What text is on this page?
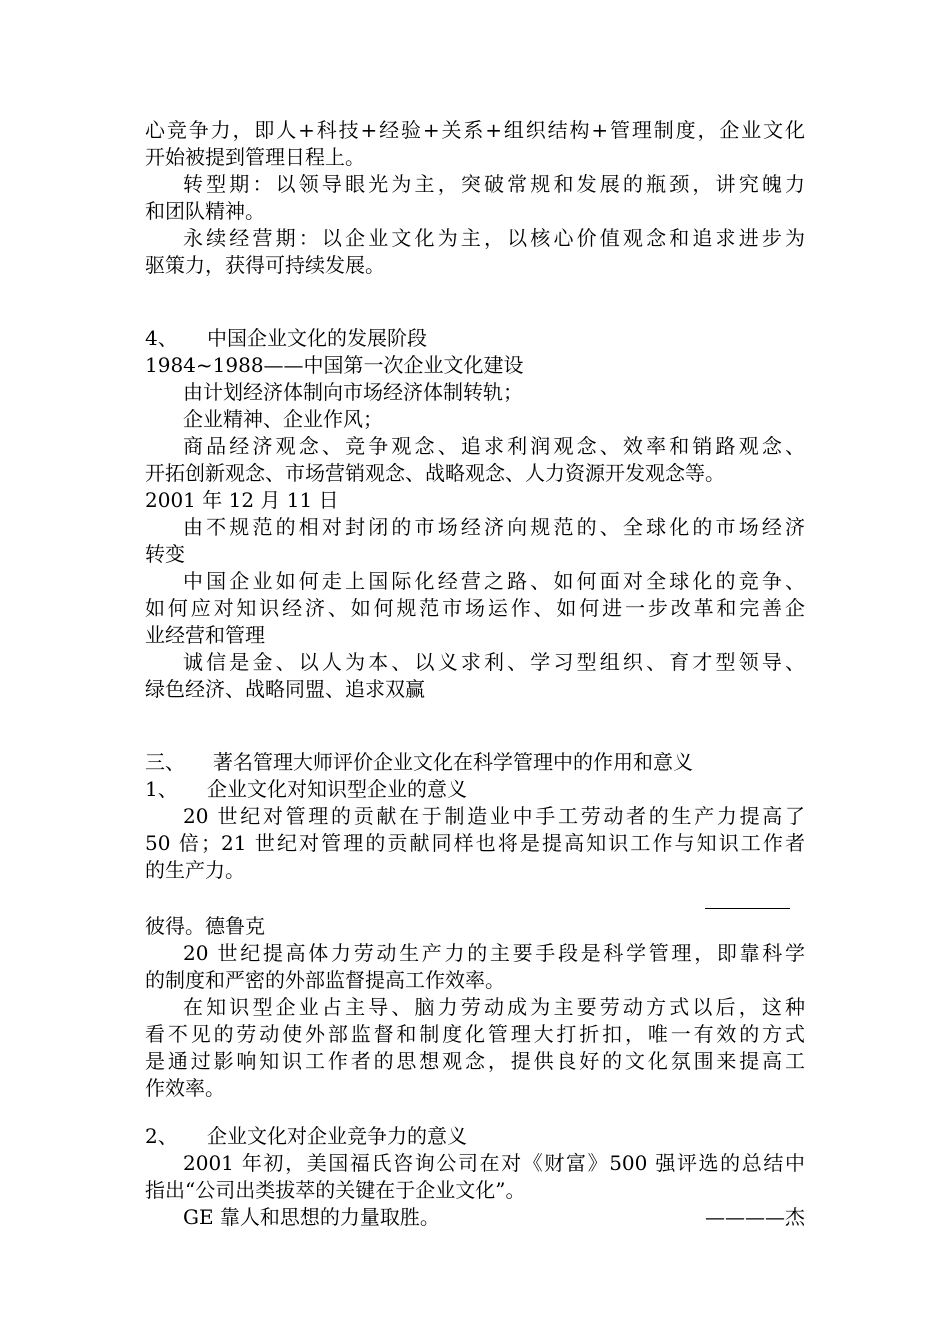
心竞争力，即人+科技+经验+关系+组织结构+管理制度，企业文化
开始被提到管理日程上。
转型期：以领导眼光为主，突破常规和发展的瓶颈，讲究魄力
和团队精神。
永续经营期：以企业文化为主，以核心价值观念和追求进步为
驱策力，获得可持续发展。
4、 中国企业文化的发展阶段
1984~1988——中国第一次企业文化建设
由计划经济体制向市场经济体制转轨；
企业精神、企业作风；
商品经济观念、竞争观念、追求利润观念、效率和销路观念、
开拓创新观念、市场营销观念、战略观念、人力资源开发观念等。
2001 年 12 月 11 日
由不规范的相对封闭的市场经济向规范的、全球化的市场经济
转变
中国企业如何走上国际化经营之路、如何面对全球化的竞争、
如何应对知识经济、如何规范市场运作、如何进一步改革和完善企
业经营和管理
诚信是金、以人为本、以义求利、学习型组织、育才型领导、
绿色经济、战略同盟、追求双赢
三、 著名管理大师评价企业文化在科学管理中的作用和意义
1、 企业文化对知识型企业的意义
20 世纪对管理的贡献在于制造业中手工劳动者的生产力提高了
50 倍；21 世纪对管理的贡献同样也将是提高知识工作与知识工作者
的生产力。
彼得。德鲁克
20 世纪提高体力劳动生产力的主要手段是科学管理，即靠科学
的制度和严密的外部监督提高工作效率。
在知识型企业占主导、脑力劳动成为主要劳动方式以后，这种
看不见的劳动使外部监督和制度化管理大打折扣，唯一有效的方式
是通过影响知识工作者的思想观念，提供良好的文化氛围来提高工
作效率。
2、 企业文化对企业竞争力的意义
2001 年初，美国福氏咨询公司在对《财富》500 强评选的总结中
指出“公司出类拔萃的关键在于企业文化”。
GE 靠人和思想的力量取胜。	————杰
